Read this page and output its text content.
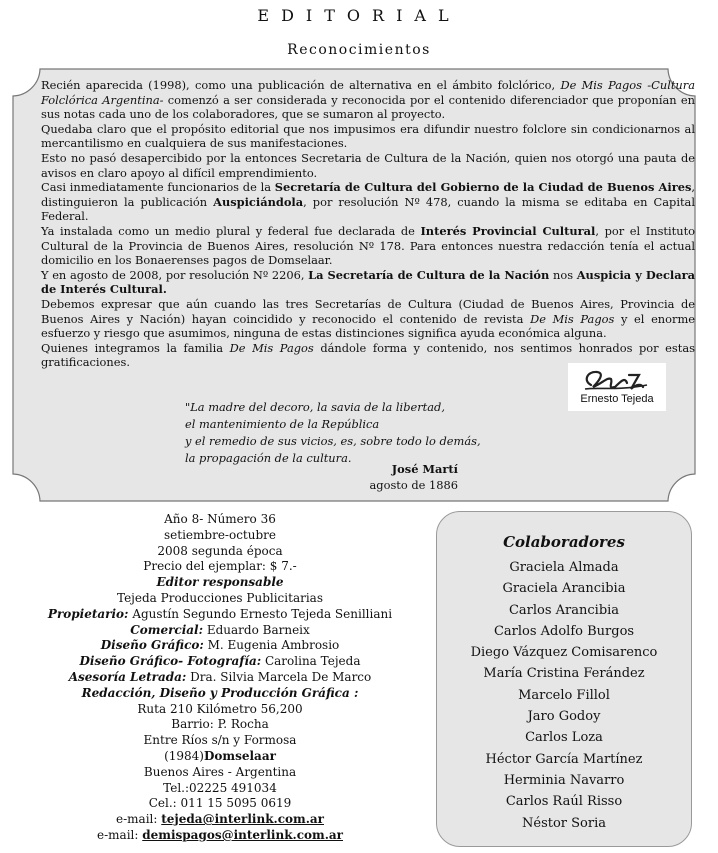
EDITORIAL
Reconocimientos

Recién aparecida (1998), como una publicación de alternativa en el ámbito folclórico, De Mis Pagos -Cultura Folclórica Argentina- comenzó a ser considerada y reconocida por el contenido diferenciador que proponían en sus notas cada uno de los colaboradores, que se sumaron al proyecto.

Quedaba claro que el propósito editorial que nos impusimos era difundir nuestro folclore sin condicionarnos al mercantilismo en cualquiera de sus manifestaciones.

Esto no pasó desapercibido por la entonces Secretaria de Cultura de la Nación, quien nos otorgó una pauta de avisos en claro apoyo al difícil emprendimiento.

Casi inmediatamente funcionarios de la Secretaría de Cultura del Gobierno de la Ciudad de Buenos Aires, distinguieron la publicación Auspiciándola, por resolución Nº 478, cuando la misma se editaba en Capital Federal.

Ya instalada como un medio plural y federal fue declarada de Interés Provincial Cultural, por el Instituto Cultural de la Provincia de Buenos Aires, resolución Nº 178. Para entonces nuestra redacción tenía el actual domicilio en los Bonaerenses pagos de Domselaar.

Y en agosto de 2008, por resolución Nº 2206, La Secretaría de Cultura de la Nación nos Auspicia y Declara de Interés Cultural.

Debemos expresar que aún cuando las tres Secretarías de Cultura (Ciudad de Buenos Aires, Provincia de Buenos Aires y Nación) hayan coincidido y reconocido el contenido de revista De Mis Pagos y el enorme esfuerzo y riesgo que asumimos, ninguna de estas distinciones significa ayuda económica alguna.

Quienes integramos la familia De Mis Pagos dándole forma y contenido, nos sentimos honrados por estas gratificaciones.

Ernesto Tejeda
"La madre del decoro, la savia de la libertad,
el mantenimiento de la República
y el remedio de sus vicios, es, sobre todo lo demás,
la propagación de la cultura.
José Martí
agosto de 1886
Año 8- Número 36
setiembre-octubre
2008 segunda época
Precio del ejemplar: $ 7.-
Editor responsable
Tejeda Producciones Publicitarias
Propietario: Agustín Segundo Ernesto Tejeda Senilliani
Comercial: Eduardo Barneix
Diseño Gráfico: M. Eugenia Ambrosio
Diseño Gráfico- Fotografía: Carolina Tejeda
Asesoría Letrada: Dra. Silvia Marcela De Marco
Redacción, Diseño y Producción Gráfica :
Ruta 210 Kilómetro 56,200
Barrio: P. Rocha
Entre Ríos s/n y Formosa
(1984)Domselaar
Buenos Aires - Argentina
Tel.:02225 491034
Cel.: 011 15 5095 0619
e-mail: tejeda@interlink.com.ar
e-mail: demispagos@interlink.com.ar
Colaboradores
Graciela Almada
Graciela Arancibia
Carlos Arancibia
Carlos Adolfo Burgos
Diego Vázquez Comisarenco
María Cristina Ferández
Marcelo Fillol
Jaro Godoy
Carlos Loza
Héctor García Martínez
Herminia Navarro
Carlos Raúl Risso
Néstor Soria
